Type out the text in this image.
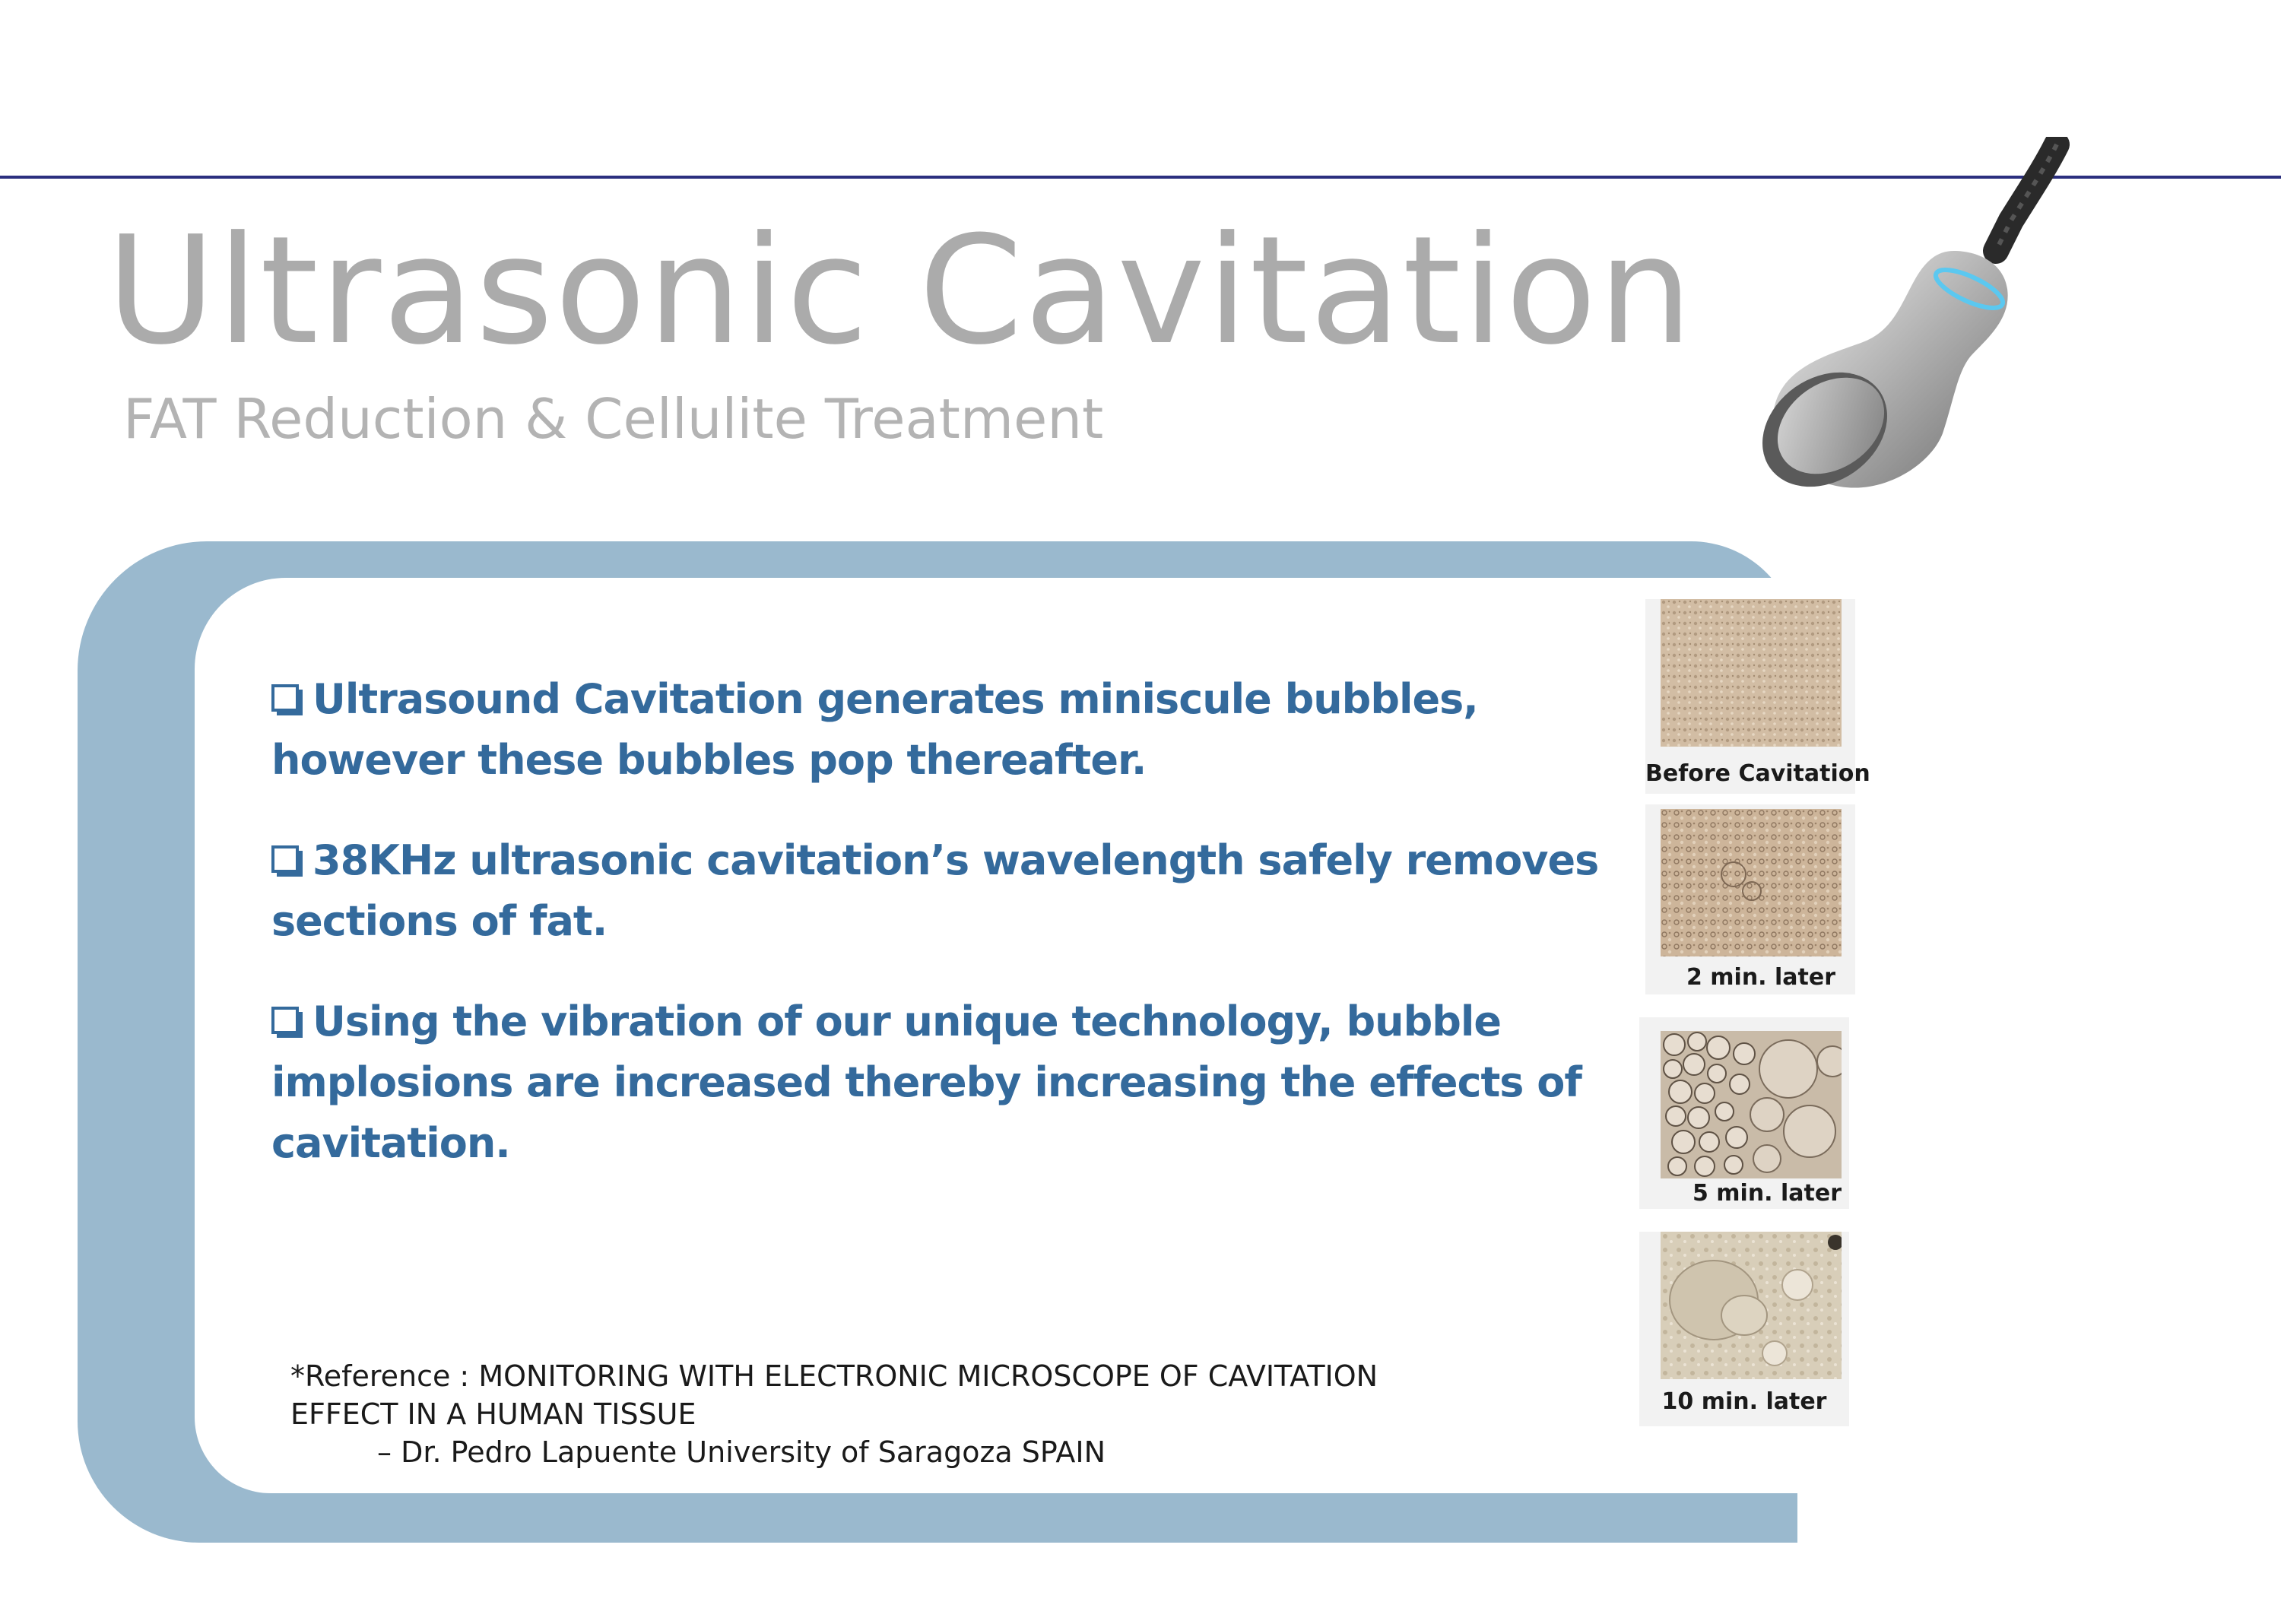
Ultrasonic Cavitation
FAT Reduction & Cellulite Treatment

Ultrasound Cavitation generates miniscule bubbles, however these bubbles pop thereafter.

38KHz ultrasonic cavitation’s wavelength safely removes sections of fat.

Using the vibration of our unique technology, bubble implosions are increased thereby increasing the effects of cavitation.

*Reference : MONITORING WITH ELECTRONIC MICROSCOPE OF CAVITATION
EFFECT IN A HUMAN TISSUE
– Dr. Pedro Lapuente University of Saragoza SPAIN

Before Cavitation
2 min. later
5 min. later
10 min. later
